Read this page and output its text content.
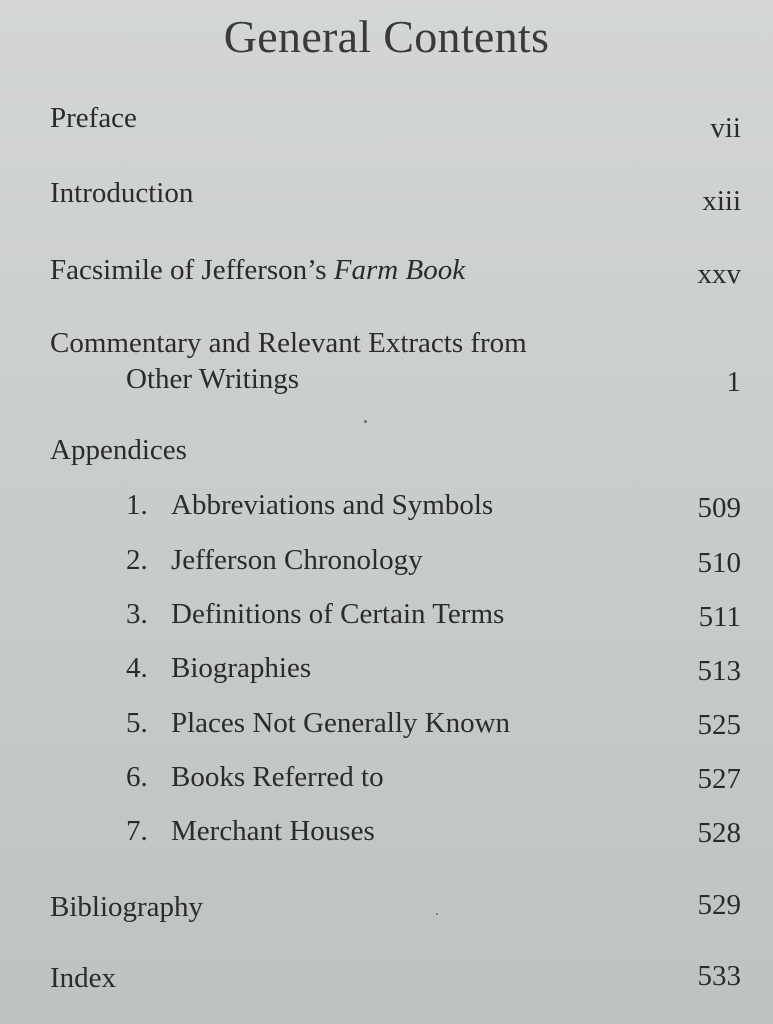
General Contents
Preface	vii
Introduction	xiii
Facsimile of Jefferson’s Farm Book	xxv
Commentary and Relevant Extracts from
Other Writings	1
Appendices
1. Abbreviations and Symbols	509
2. Jefferson Chronology	510
3. Definitions of Certain Terms	511
4. Biographies	513
5. Places Not Generally Known	525
6. Books Referred to	527
7. Merchant Houses	528
Bibliography	529
Index	533
